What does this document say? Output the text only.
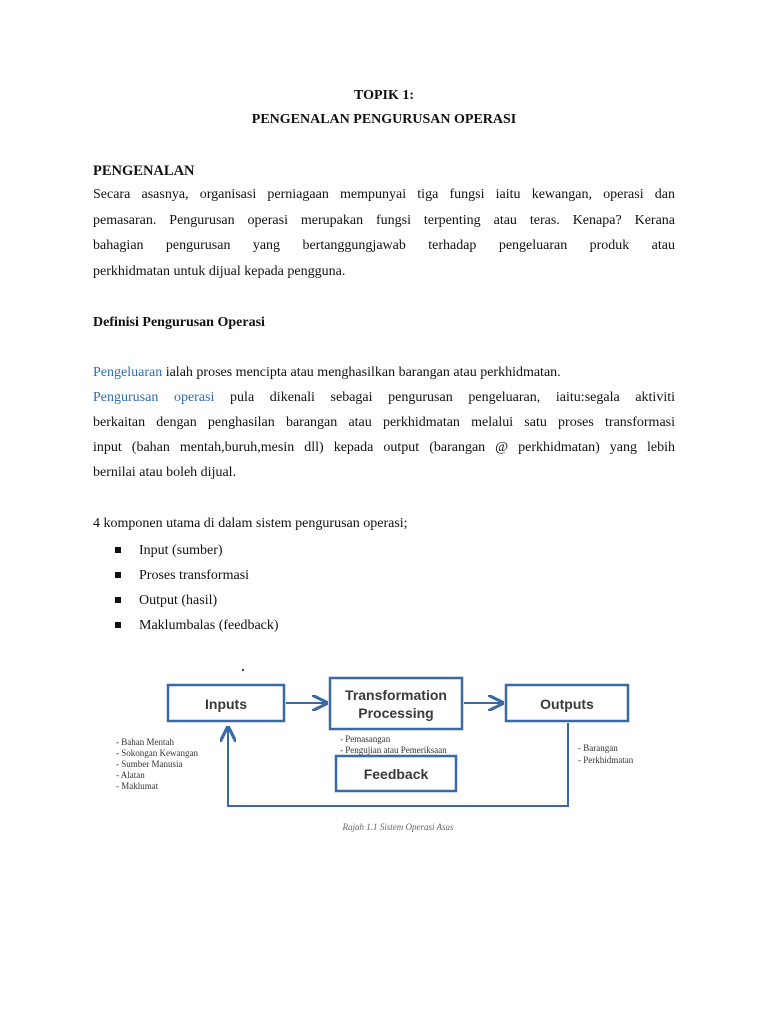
TOPIK 1:
PENGENALAN PENGURUSAN OPERASI
PENGENALAN
Secara asasnya, organisasi perniagaan mempunyai tiga fungsi iaitu kewangan, operasi dan
pemasaran. Pengurusan operasi merupakan fungsi terpenting atau teras. Kenapa? Kerana
bahagian pengurusan yang bertanggungjawab terhadap pengeluaran produk atau
perkhidmatan untuk dijual kepada pengguna.
Definisi Pengurusan Operasi
Pengeluaran ialah proses mencipta atau menghasilkan barangan atau perkhidmatan.
Pengurusan operasi pula dikenali sebagai pengurusan pengeluaran, iaitu:segala aktiviti
berkaitan dengan penghasilan barangan atau perkhidmatan melalui satu proses transformasi
input (bahan mentah,buruh,mesin dll) kepada output (barangan @ perkhidmatan) yang lebih
bernilai atau boleh dijual.
4 komponen utama di dalam sistem pengurusan operasi;
Input (sumber)
Proses transformasi
Output (hasil)
Maklumbalas (feedback)
Inputs
Transformation
Processing
Outputs
Feedback
- Bahan Mentah
- Sokongan Kewangan
- Sumber Manusia
- Alatan
- Maklumat
- Pemasangan
- Pengujian atau Pemeriksaan	- Barangan
- Perkhidmatan
Rajah 1.1 Sistem Operasi Asas
